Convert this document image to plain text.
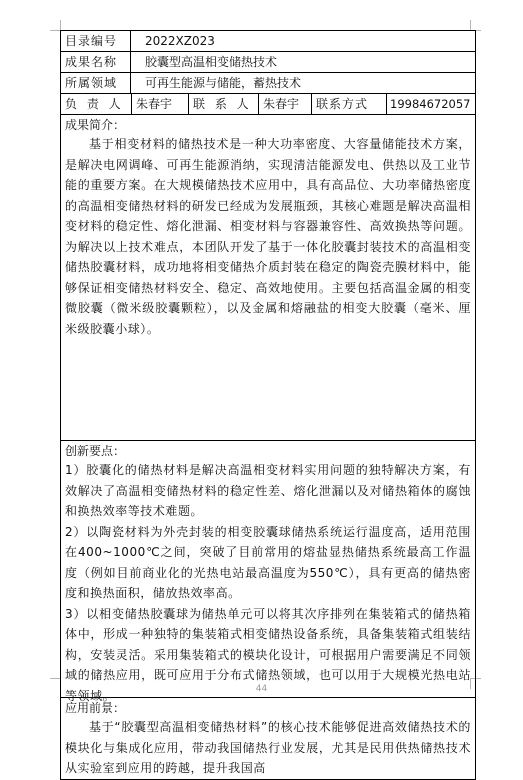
目录编号	2022XZ023
成果名称	胶囊型高温相变储热技术
所属领域	可再生能源与储能，蓄热技术
负 责 人	朱春宇	联 系 人 朱春宇	联系方式	19984672057
成果简介：

基于相变材料的储热技术是一种大功率密度、大容量储能技术方案，是解决电网调峰、可再生能源消纳，实现清洁能源发电、供热以及工业节能的重要方案。在大规模储热技术应用中，具有高品位、大功率储热密度的高温相变储热材料的研发已经成为发展瓶颈，其核心难题是解决高温相变材料的稳定性、熔化泄漏、相变材料与容器兼容性、高效换热等问题。为解决以上技术难点，本团队开发了基于一体化胶囊封装技术的高温相变储热胶囊材料，成功地将相变储热介质封装在稳定的陶瓷壳膜材料中，能够保证相变储热材料安全、稳定、高效地使用。主要包括高温金属的相变微胶囊（微米级胶囊颗粒），以及金属和熔融盐的相变大胶囊（毫米、厘米级胶囊小球）。

创新要点：

1）胶囊化的储热材料是解决高温相变材料实用问题的独特解决方案，有效解决了高温相变储热材料的稳定性差、熔化泄漏以及对储热箱体的腐蚀和换热效率等技术难题。

2）以陶瓷材料为外壳封装的相变胶囊球储热系统运行温度高，适用范围在400~1000℃之间，突破了目前常用的熔盐显热储热系统最高工作温度（例如目前商业化的光热电站最高温度为550℃），具有更高的储热密度和换热面积，储放热效率高。

3）以相变储热胶囊球为储热单元可以将其次序排列在集装箱式的储热箱体中，形成一种独特的集装箱式相变储热设备系统，具备集装箱式组装结构，安装灵活。采用集装箱式的模块化设计，可根据用户需要满足不同领域的储热应用，既可应用于分布式储热领域，也可以用于大规模光热电站等领域。

应用前景：

基于“胶囊型高温相变储热材料”的核心技术能够促进高效储热技术的模块化与集成化应用，带动我国储热行业发展，尤其是民用供热储热技术从实验室到应用的跨越，提升我国高

44
